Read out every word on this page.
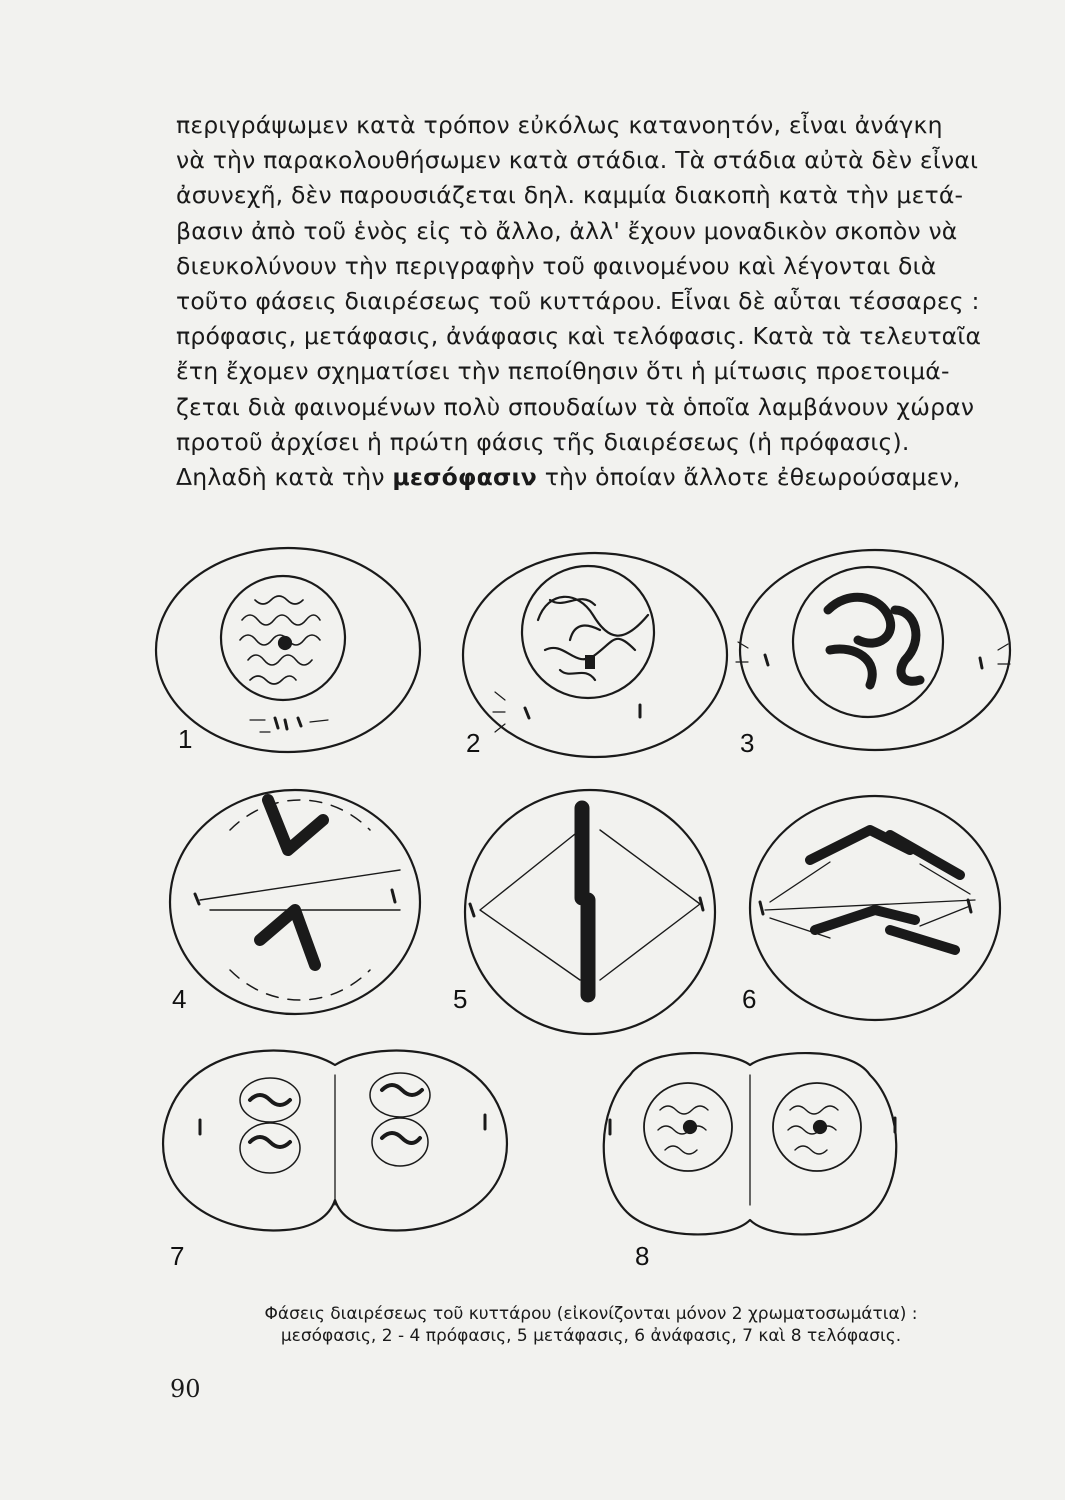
περιγράψωμεν κατὰ τρόπον εὐκόλως κατανοητόν, εἶναι ἀνάγκη
νὰ τὴν παρακολουθήσωμεν κατὰ στάδια. Τὰ στάδια αὐτὰ δὲν εἶναι
ἀσυνεχῆ, δὲν παρουσιάζεται δηλ. καμμία διακοπὴ κατὰ τὴν μετά-
βασιν ἀπὸ τοῦ ἑνὸς εἰς τὸ ἄλλο, ἀλλ' ἔχουν μοναδικὸν σκοπὸν νὰ
διευκολύνουν τὴν περιγραφὴν τοῦ φαινομένου καὶ λέγονται διὰ
τοῦτο φάσεις διαιρέσεως τοῦ κυττάρου. Εἶναι δὲ αὗται τέσσαρες :
πρόφασις, μετάφασις, ἀνάφασις καὶ τελόφασις. Κατὰ τὰ τελευταῖα
ἔτη ἔχομεν σχηματίσει τὴν πεποίθησιν ὅτι ἡ μίτωσις προετοιμά-
ζεται διὰ φαινομένων πολὺ σπουδαίων τὰ ὁποῖα λαμβάνουν χώραν
προτοῦ ἀρχίσει ἡ πρώτη φάσις τῆς διαιρέσεως (ἡ πρόφασις).
Δηλαδὴ κατὰ τὴν μεσόφασιν τὴν ὁποίαν ἄλλοτε ἐθεωρούσαμεν,
1	2	3
4	5	6
7	8
Φάσεις διαιρέσεως τοῦ κυττάρου (εἰκονίζονται μόνον 2 χρωματοσωμάτια) :
μεσόφασις, 2 - 4 πρόφασις, 5 μετάφασις, 6 ἀνάφασις, 7 καὶ 8 τελόφασις.
90
